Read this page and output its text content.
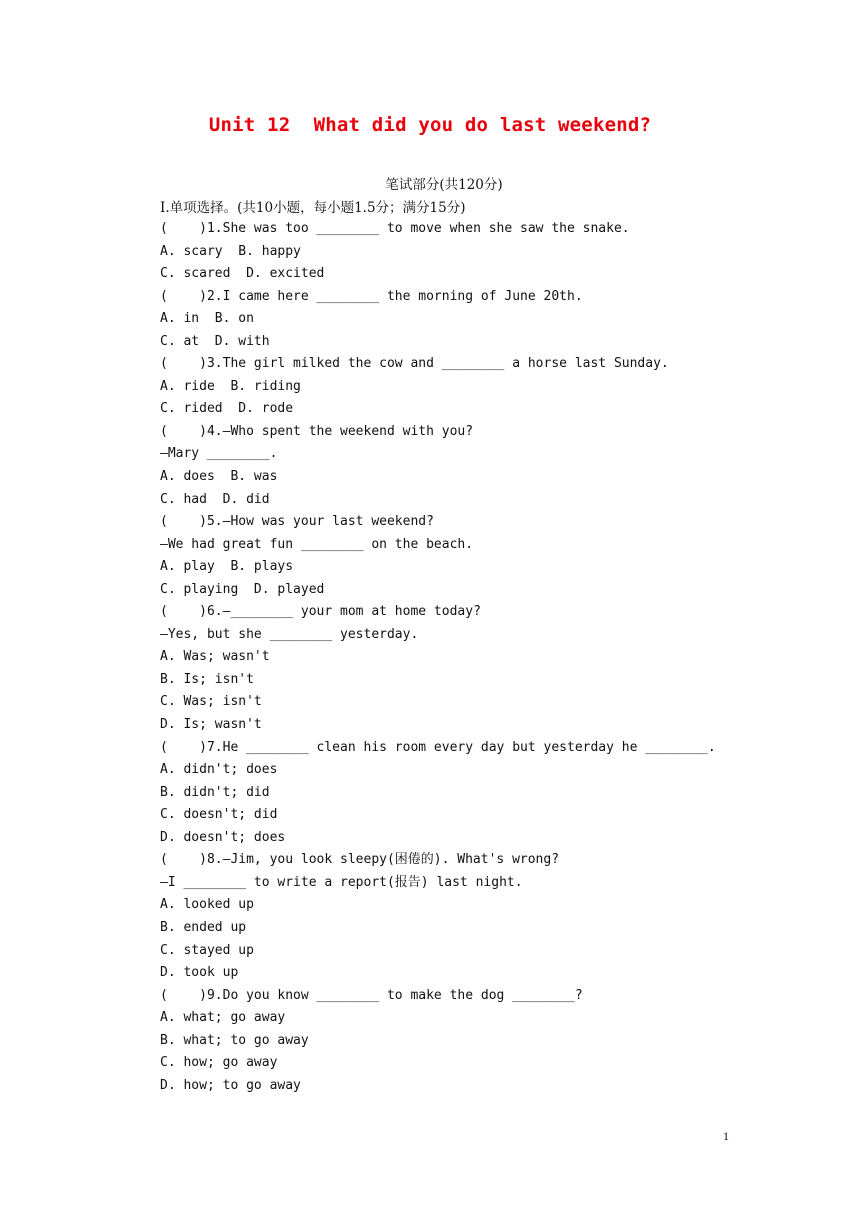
Unit 12  What did you do last weekend?
笔试部分(共120分)
Ⅰ.单项选择。(共10小题，每小题1.5分；满分15分)
(    )1.She was too ________ to move when she saw the snake.
A. scary  B. happy
C. scared  D. excited
(    )2.I came here ________ the morning of June 20th.
A. in  B. on
C. at  D. with
(    )3.The girl milked the cow and ________ a horse last Sunday.
A. ride  B. riding
C. rided  D. rode
(    )4.—Who spent the weekend with you?
—Mary ________.
A. does  B. was
C. had  D. did
(    )5.—How was your last weekend?
—We had great fun ________ on the beach.
A. play  B. plays
C. playing  D. played
(    )6.—________ your mom at home today?
—Yes, but she ________ yesterday.
A. Was; wasn't
B. Is; isn't
C. Was; isn't
D. Is; wasn't
(    )7.He ________ clean his room every day but yesterday he ________.
A. didn't; does
B. didn't; did
C. doesn't; did
D. doesn't; does
(    )8.—Jim, you look sleepy(困倦的). What's wrong?
—I ________ to write a report(报告) last night.
A. looked up
B. ended up
C. stayed up
D. took up
(    )9.Do you know ________ to make the dog ________?
A. what; go away
B. what; to go away
C. how; go away
D. how; to go away
1
